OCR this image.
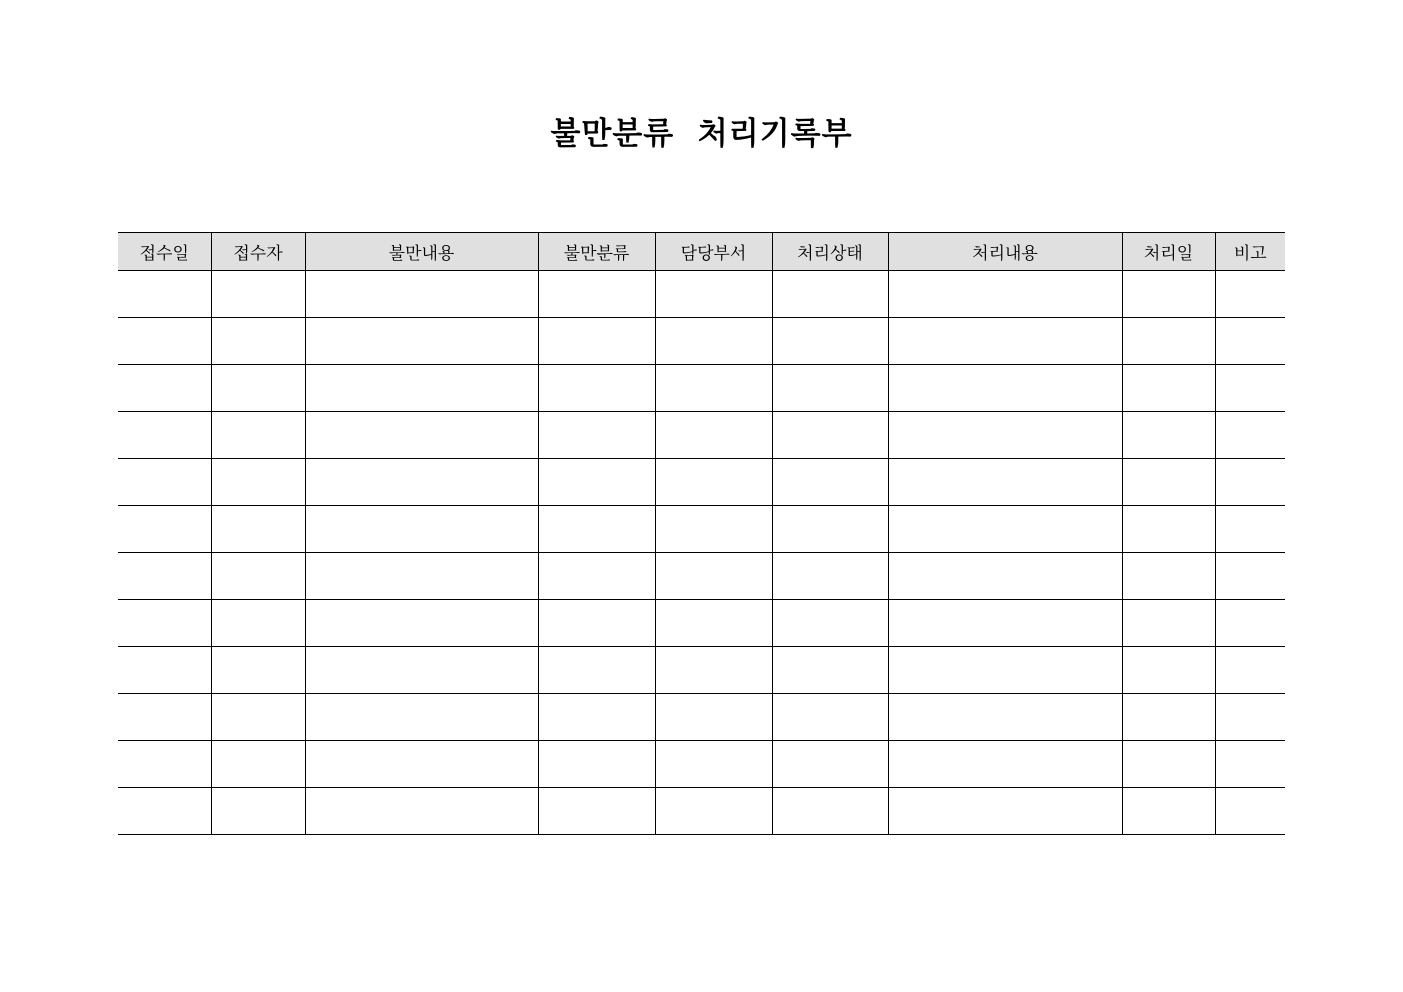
불만분류  처리기록부
접수일	접수자	불만내용	불만분류	담당부서	처리상태	처리내용	처리일	비고
